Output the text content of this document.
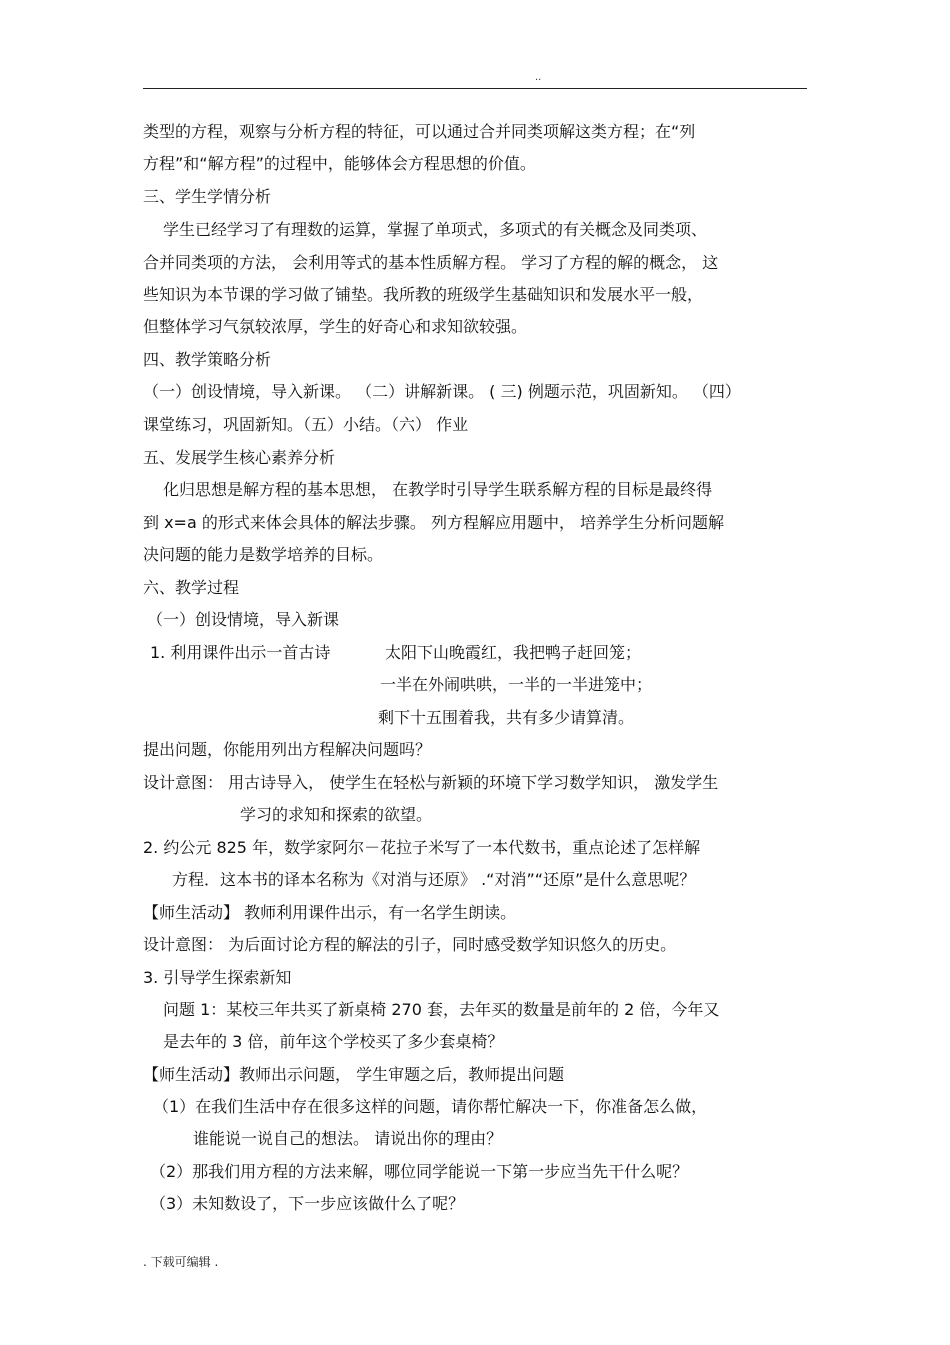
..
类型的方程，观察与分析方程的特征，可以通过合并同类项解这类方程；在“列
方程”和“解方程”的过程中，能够体会方程思想的价值。
三、学生学情分析
学生已经学习了有理数的运算，掌握了单项式，多项式的有关概念及同类项、
合并同类项的方法， 会利用等式的基本性质解方程。 学习了方程的解的概念， 这
些知识为本节课的学习做了铺垫。我所教的班级学生基础知识和发展水平一般，
但整体学习气氛较浓厚，学生的好奇心和求知欲较强。
四、教学策略分析
（一）创设情境，导入新课。 （二）讲解新课。 ( 三) 例题示范，巩固新知。 （四）
课堂练习，巩固新知。（五）小结。（六） 作业
五、发展学生核心素养分析
化归思想是解方程的基本思想， 在教学时引导学生联系解方程的目标是最终得
到 x=a 的形式来体会具体的解法步骤。 列方程解应用题中， 培养学生分析问题解
决问题的能力是数学培养的目标。
六、教学过程
（一）创设情境，导入新课
1. 利用课件出示一首古诗	太阳下山晚霞红，我把鸭子赶回笼；
一半在外闹哄哄，一半的一半进笼中；
剩下十五围着我，共有多少请算清。
提出问题，你能用列出方程解决问题吗？
设计意图： 用古诗导入， 使学生在轻松与新颖的环境下学习数学知识， 激发学生
学习的求知和探索的欲望。
2. 约公元 825 年，数学家阿尔－花拉子米写了一本代数书，重点论述了怎样解
方程．这本书的译本名称为《对消与还原》 .“对消”“还原”是什么意思呢？
【师生活动】 教师利用课件出示，有一名学生朗读。
设计意图： 为后面讨论方程的解法的引子，同时感受数学知识悠久的历史。
3. 引导学生探索新知
问题 1：某校三年共买了新桌椅 270 套，去年买的数量是前年的 2 倍，今年又
是去年的 3 倍，前年这个学校买了多少套桌椅？
【师生活动】教师出示问题， 学生审题之后，教师提出问题
（1）在我们生活中存在很多这样的问题，请你帮忙解决一下，你准备怎么做，
谁能说一说自己的想法。 请说出你的理由？
（2）那我们用方程的方法来解，哪位同学能说一下第一步应当先干什么呢？
（3）未知数设了，下一步应该做什么了呢？
. 下载可编辑 .
